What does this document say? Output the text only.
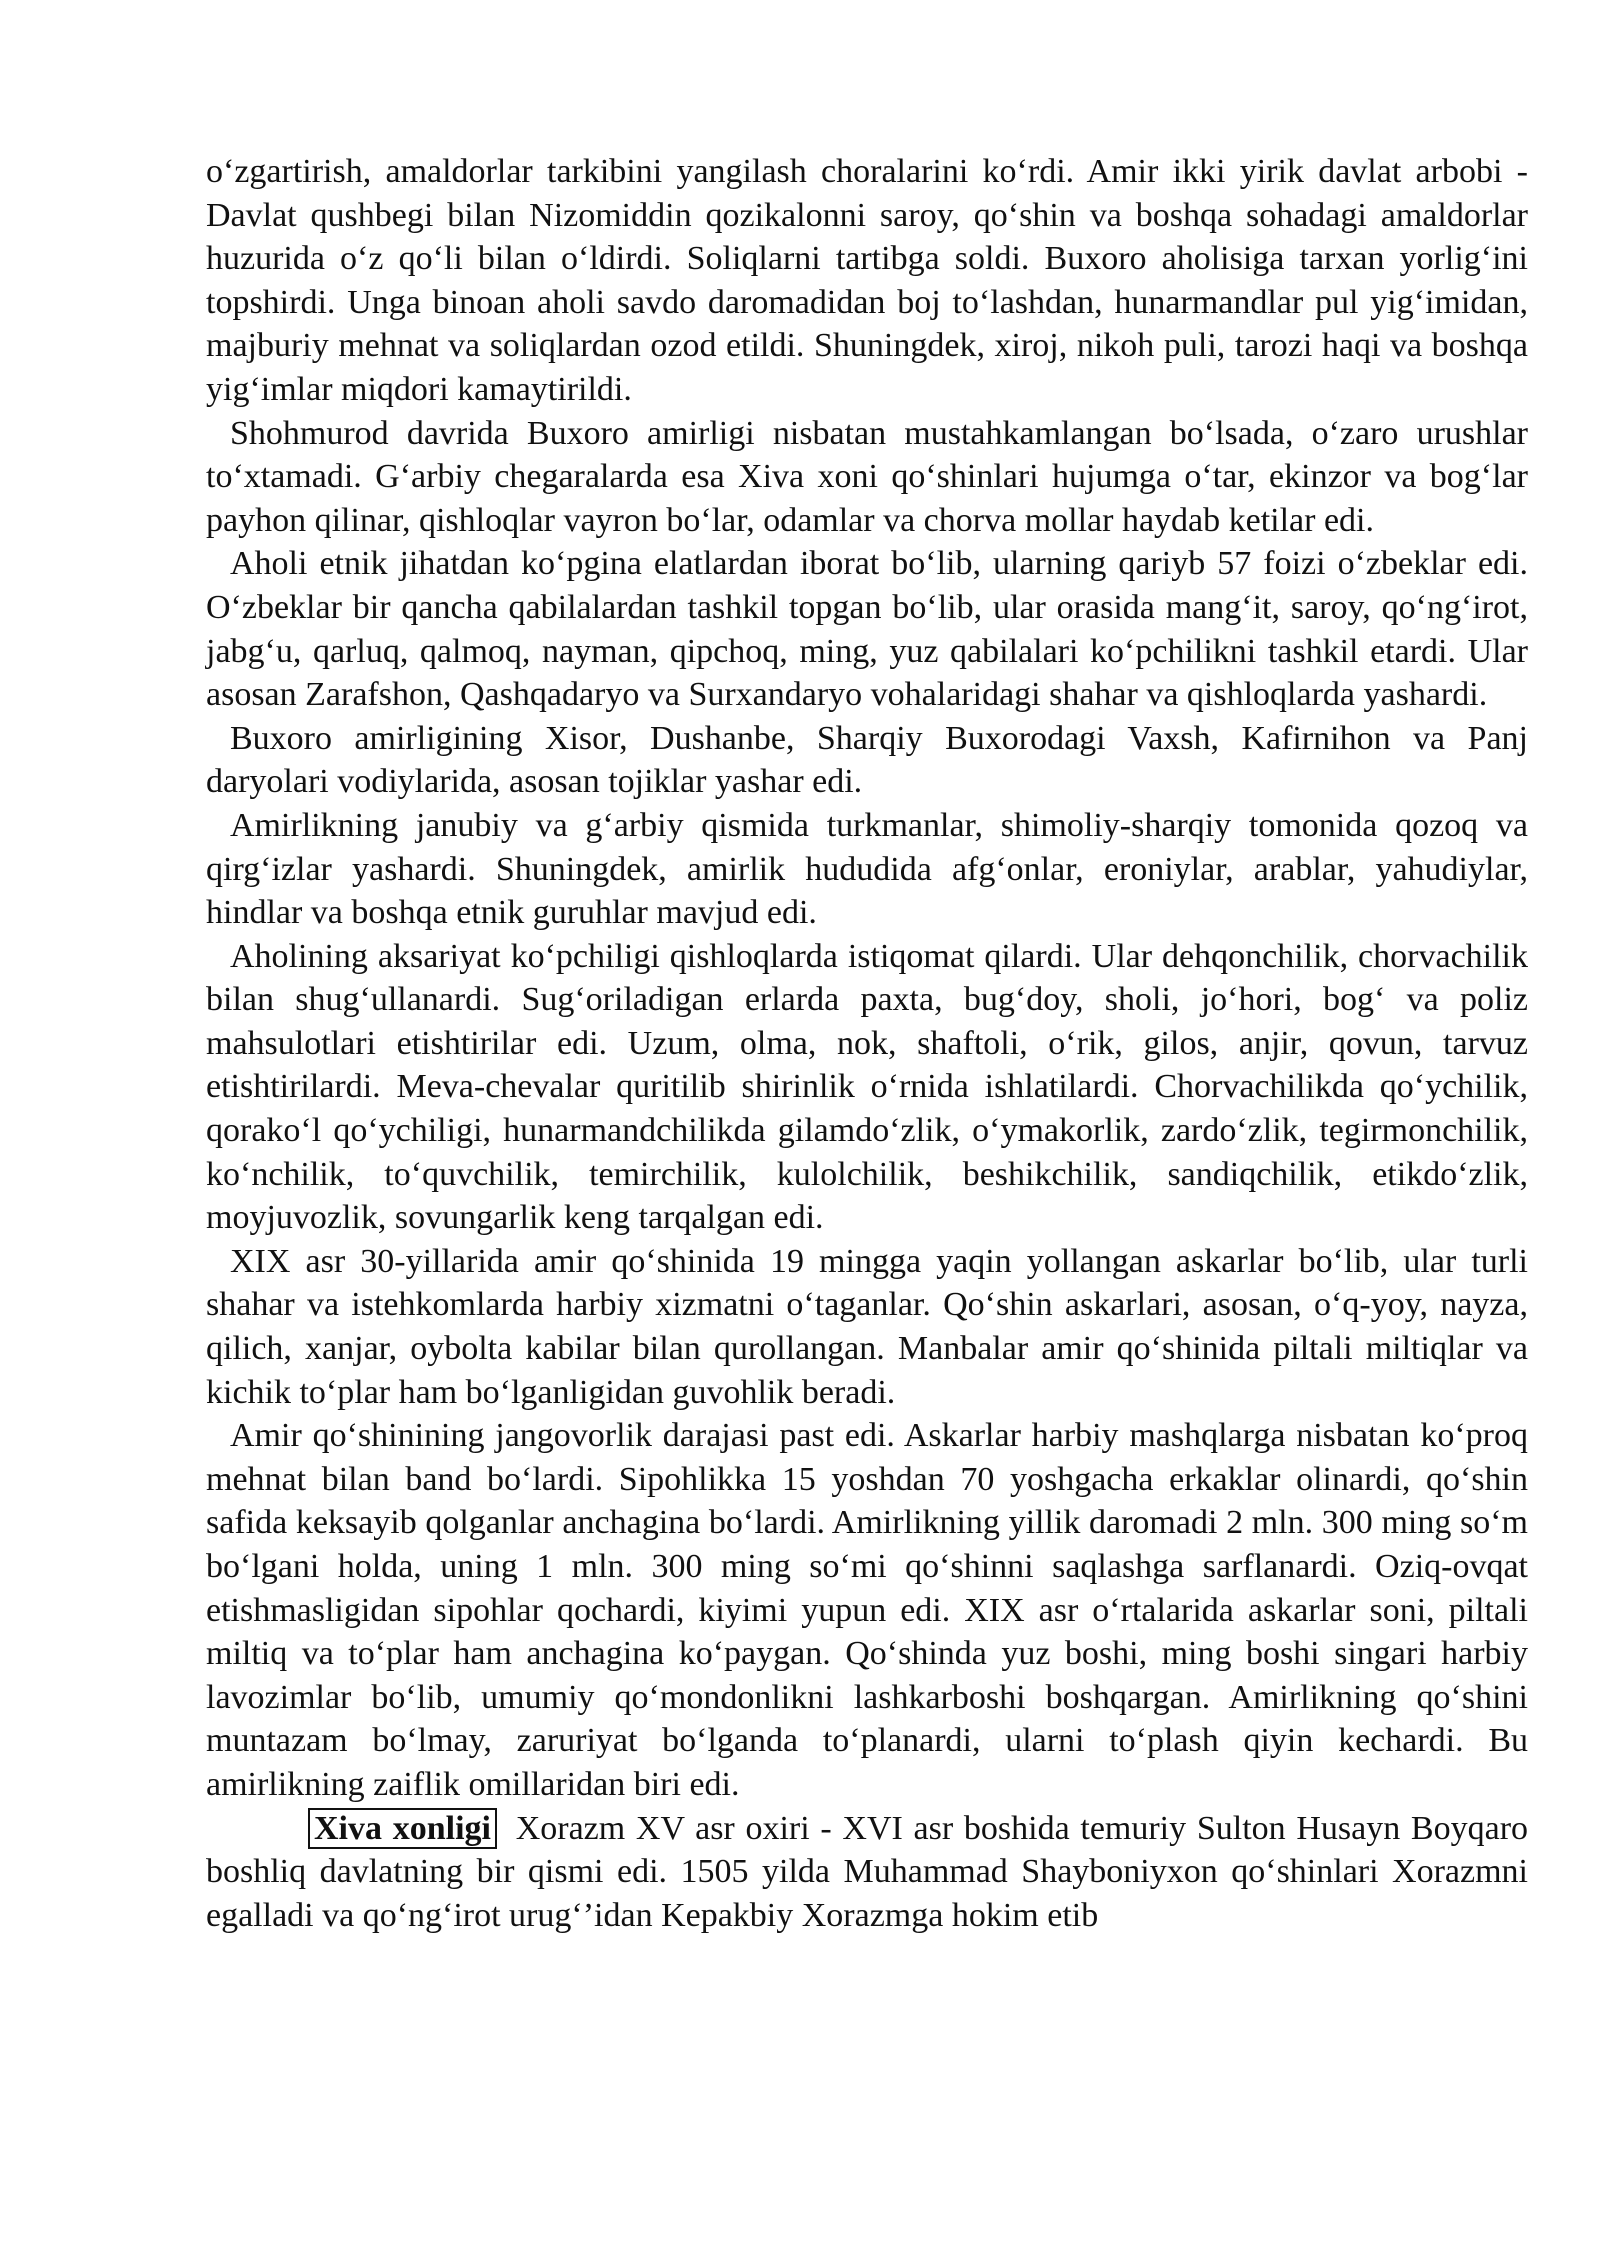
o‘zgartirish, amaldorlar tarkibini yangilash choralarini ko‘rdi. Amir ikki yirik davlat arbobi - Davlat qushbegi bilan Nizomiddin qozikalonni saroy, qo‘shin va boshqa sohadagi amaldorlar huzurida o‘z qo‘li bilan o‘ldirdi. Soliqlarni tartibga soldi. Buxoro aholisiga tarxan yorlig‘ini topshirdi. Unga binoan aholi savdo daromadidan boj to‘lashdan, hunarmandlar pul yig‘imidan, majburiy mehnat va soliqlardan ozod etildi. Shuningdek, xiroj, nikoh puli, tarozi haqi va boshqa yig‘imlar miqdori kamaytirildi.

Shohmurod davrida Buxoro amirligi nisbatan mustahkamlangan bo‘lsada, o‘zaro urushlar to‘xtamadi. G‘arbiy chegaralarda esa Xiva xoni qo‘shinlari hujumga o‘tar, ekinzor va bog‘lar payhon qilinar, qishloqlar vayron bo‘lar, odamlar va chorva mollar haydab ketilar edi.

Aholi etnik jihatdan ko‘pgina elatlardan iborat bo‘lib, ularning qariyb 57 foizi o‘zbeklar edi. O‘zbeklar bir qancha qabilalardan tashkil topgan bo‘lib, ular orasida mang‘it, saroy, qo‘ng‘irot, jabg‘u, qarluq, qalmoq, nayman, qipchoq, ming, yuz qabilalari ko‘pchilikni tashkil etardi. Ular asosan Zarafshon, Qashqadaryo va Surxandaryo vohalaridagi shahar va qishloqlarda yashardi.

Buxoro amirligining Xisor, Dushanbe, Sharqiy Buxorodagi Vaxsh, Kafirnihon va Panj daryolari vodiylarida, asosan tojiklar yashar edi.

Amirlikning janubiy va g‘arbiy qismida turkmanlar, shimoliy-sharqiy tomonida qozoq va qirg‘izlar yashardi. Shuningdek, amirlik hududida afg‘onlar, eroniylar, arablar, yahudiylar, hindlar va boshqa etnik guruhlar mavjud edi.

Aholining aksariyat ko‘pchiligi qishloqlarda istiqomat qilardi. Ular dehqonchilik, chorvachilik bilan shug‘ullanardi. Sug‘oriladigan erlarda paxta, bug‘doy, sholi, jo‘hori, bog‘ va poliz mahsulotlari etishtirilar edi. Uzum, olma, nok, shaftoli, o‘rik, gilos, anjir, qovun, tarvuz etishtirilardi. Meva-chevalar quritilib shirinlik o‘rnida ishlatilardi. Chorvachilikda qo‘ychilik, qorako‘l qo‘ychiligi, hunarmandchilikda gilamdo‘zlik, o‘ymakorlik, zardo‘zlik, tegirmonchilik, ko‘nchilik, to‘quvchilik, temirchilik, kulolchilik, beshikchilik, sandiqchilik, etikdo‘zlik, moyjuvozlik, sovungarlik keng tarqalgan edi.

XIX asr 30-yillarida amir qo‘shinida 19 mingga yaqin yollangan askarlar bo‘lib, ular turli shahar va istehkomlarda harbiy xizmatni o‘taganlar. Qo‘shin askarlari, asosan, o‘q-yoy, nayza, qilich, xanjar, oybolta kabilar bilan qurollangan. Manbalar amir qo‘shinida piltali miltiqlar va kichik to‘plar ham bo‘lganligidan guvohlik beradi.

Amir qo‘shinining jangovorlik darajasi past edi. Askarlar harbiy mashqlarga nisbatan ko‘proq mehnat bilan band bo‘lardi. Sipohlikka 15 yoshdan 70 yoshgacha erkaklar olinardi, qo‘shin safida keksayib qolganlar anchagina bo‘lardi. Amirlikning yillik daromadi 2 mln. 300 ming so‘m bo‘lgani holda, uning 1 mln. 300 ming so‘mi qo‘shinni saqlashga sarflanardi. Oziq-ovqat etishmasligidan sipohlar qochardi, kiyimi yupun edi. XIX asr o‘rtalarida askarlar soni, piltali miltiq va to‘plar ham anchagina ko‘paygan. Qo‘shinda yuz boshi, ming boshi singari harbiy lavozimlar bo‘lib, umumiy qo‘mondonlikni lashkarboshi boshqargan. Amirlikning qo‘shini muntazam bo‘lmay, zaruriyat bo‘lganda to‘planardi, ularni to‘plash qiyin kechardi. Bu amirlikning zaiflik omillaridan biri edi.

Xiva xonligi Xorazm XV asr oxiri - XVI asr boshida temuriy Sulton Husayn Boyqaro boshliq davlatning bir qismi edi. 1505 yilda Muhammad Shayboniyxon qo‘shinlari Xorazmni egalladi va qo‘ng‘irot urug‘’idan Kepakbiy Xorazmga hokim etib
